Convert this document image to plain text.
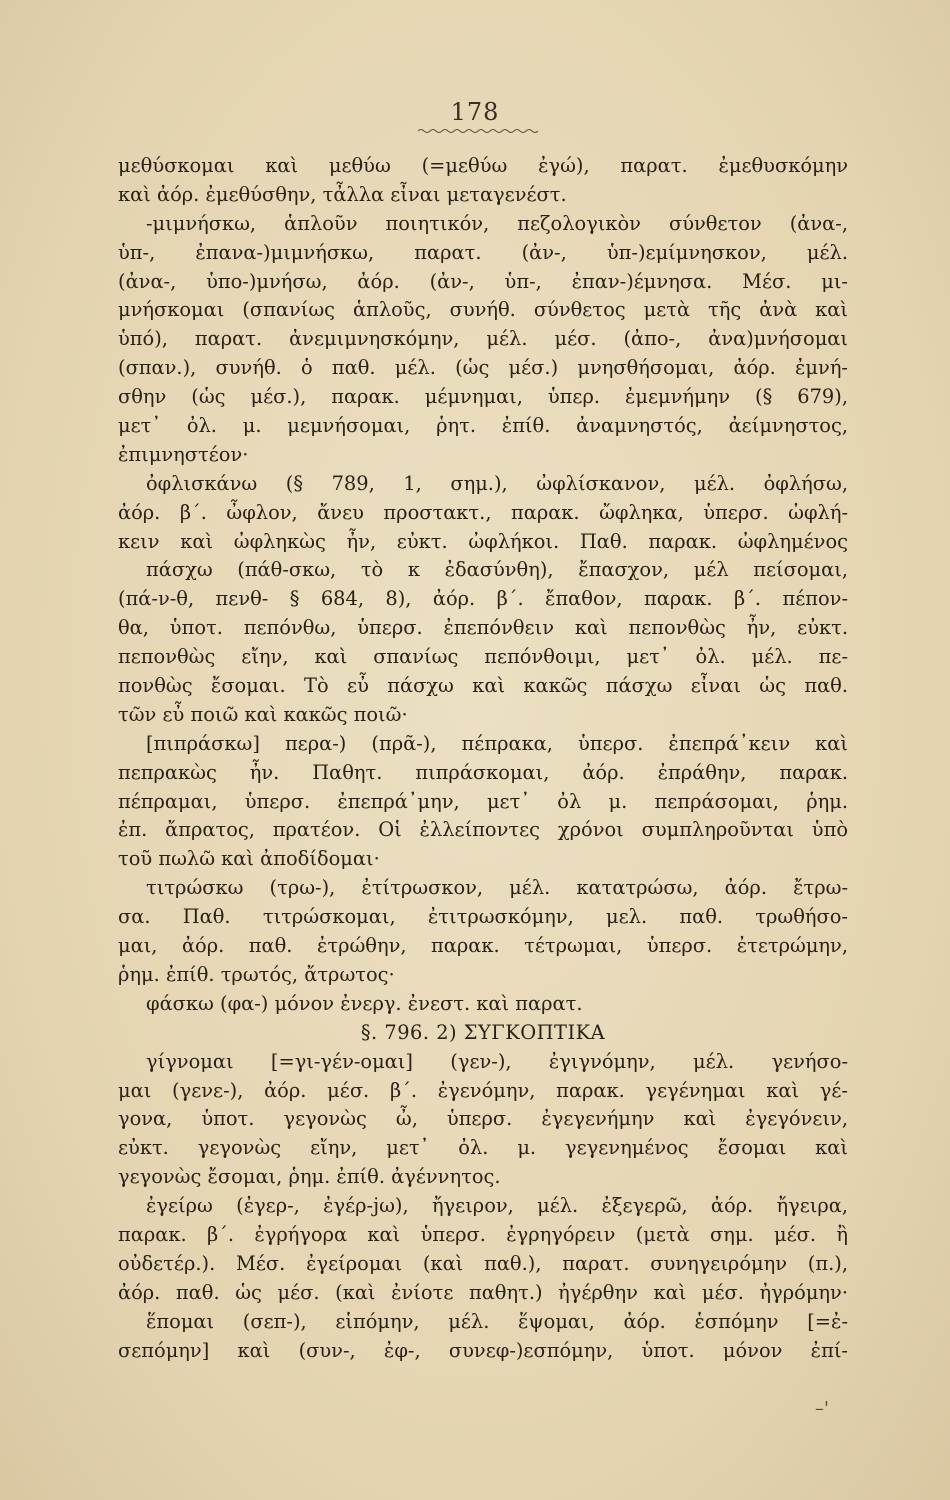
178
μεθύσκομαι καὶ μεθύω (=μεθύω ἐγώ), παρατ. ἐμεθυσκόμην
καὶ ἀόρ. ἐμεθύσθην, τἆλλα εἶναι μεταγενέστ.
-μιμνήσκω, ἁπλοῦν ποιητικόν, πεζολογικὸν σύνθετον (ἀνα-,
ὑπ-, ἐπανα-)μιμνήσκω, παρατ. (ἀν-, ὑπ-)εμίμνησκον, μέλ.
(ἀνα-, ὑπο-)μνήσω, ἀόρ. (ἀν-, ὑπ-, ἐπαν-)έμνησα. Μέσ. μι-
μνήσκομαι (σπανίως ἁπλοῦς, συνήθ. σύνθετος μετὰ τῆς ἀνὰ καὶ
ὑπό), παρατ. ἀνεμιμνησκόμην, μέλ. μέσ. (ἀπο-, ἀνα)μνήσομαι
(σπαν.), συνήθ. ὁ παθ. μέλ. (ὡς μέσ.) μνησθήσομαι, ἀόρ. ἐμνή-
σθην (ὡς μέσ.), παρακ. μέμνημαι, ὑπερ. ἐμεμνήμην (§ 679),
μετ᾽ ὀλ. μ. μεμνήσομαι, ῥητ. ἐπίθ. ἀναμνηστός, ἀείμνηστος,
ἐπιμνηστέον·
ὀφλισκάνω (§ 789, 1, σημ.), ὠφλίσκανον, μέλ. ὀφλήσω,
ἀόρ. β΄. ὦφλον, ἄνευ προστακτ., παρακ. ὤφληκα, ὑπερσ. ὠφλή-
κειν καὶ ὠφληκὼς ἦν, εὐκτ. ὠφλήκοι. Παθ. παρακ. ὠφλημένος
πάσχω (πάθ-σκω, τὸ κ ἐδασύνθη), ἔπασχον, μέλ πείσομαι,
(πά-ν-θ, πενθ- § 684, 8), ἀόρ. β΄. ἔπαθον, παρακ. β΄. πέπον-
θα, ὑποτ. πεπόνθω, ὑπερσ. ἐπεπόνθειν καὶ πεπονθὼς ἦν, εὐκτ.
πεπονθὼς εἴην, καὶ σπανίως πεπόνθοιμι, μετ᾽ ὀλ. μέλ. πε-
πονθὼς ἔσομαι. Τὸ εὖ πάσχω καὶ κακῶς πάσχω εἶναι ὡς παθ.
τῶν εὖ ποιῶ καὶ κακῶς ποιῶ·
[πιπράσκω] περα-) (πρᾶ-), πέπρακα, ὑπερσ. ἐπεπρά᾽κειν καὶ
πεπρακὼς ἦν. Παθητ. πιπράσκομαι, ἀόρ. ἐπράθην, παρακ.
πέπραμαι, ὑπερσ. ἐπεπρά᾽μην, μετ᾽ ὀλ μ. πεπράσομαι, ῥημ.
ἐπ. ἄπρατος, πρατέον. Οἱ ἐλλείποντες χρόνοι συμπληροῦνται ὑπὸ
τοῦ πωλῶ καὶ ἀποδίδομαι·
τιτρώσκω (τρω-), ἐτίτρωσκον, μέλ. κατατρώσω, ἀόρ. ἔτρω-
σα. Παθ. τιτρώσκομαι, ἐτιτρωσκόμην, μελ. παθ. τρωθήσο-
μαι, ἀόρ. παθ. ἐτρώθην, παρακ. τέτρωμαι, ὑπερσ. ἐτετρώμην,
ῥημ. ἐπίθ. τρωτός, ἄτρωτος·
φάσκω (φα-) μόνον ἐνεργ. ἐνεστ. καὶ παρατ.
§. 796. 2) ΣΥΓΚΟΠΤΙΚΑ
γίγνομαι [=γι-γέν-ομαι] (γεν-), ἐγιγνόμην, μέλ. γενήσο-
μαι (γενε-), ἀόρ. μέσ. β΄. ἐγενόμην, παρακ. γεγένημαι καὶ γέ-
γονα, ὑποτ. γεγονὼς ὦ, ὑπερσ. ἐγεγενήμην καὶ ἐγεγόνειν,
εὐκτ. γεγονὼς εἴην, μετ᾽ ὀλ. μ. γεγενημένος ἔσομαι καὶ
γεγονὼς ἔσομαι, ῥημ. ἐπίθ. ἀγέννητος.
ἐγείρω (ἐγερ-, ἐγέρ-jω), ἤγειρον, μέλ. ἐξεγερῶ, ἀόρ. ἤγειρα,
παρακ. β΄. ἐγρήγορα καὶ ὑπερσ. ἐγρηγόρειν (μετὰ σημ. μέσ. ἢ
οὐδετέρ.). Μέσ. ἐγείρομαι (καὶ παθ.), παρατ. συνηγειρόμην (π.),
ἀόρ. παθ. ὡς μέσ. (καὶ ἐνίοτε παθητ.) ἠγέρθην καὶ μέσ. ἠγρόμην·
ἕπομαι (σεπ-), εἱπόμην, μέλ. ἕψομαι, ἀόρ. ἑσπόμην [=ἐ-
σεπόμην] καὶ (συν-, ἐφ-, συνεφ-)εσπόμην, ὑποτ. μόνον ἐπί-
–'
